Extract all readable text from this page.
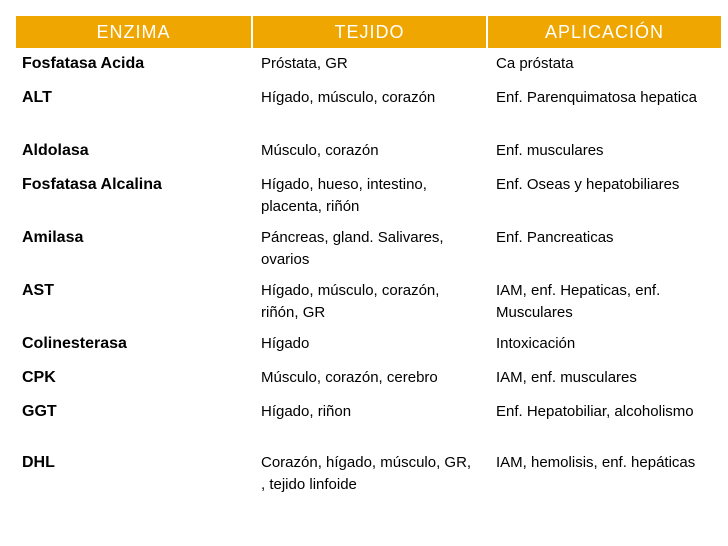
ENZIMA	TEJIDO	APLICACIÓN
Fosfatasa Acida	Próstata, GR	Ca próstata
ALT	Hígado, músculo, corazón	Enf. Parenquimatosa hepatica
Aldolasa	Músculo, corazón	Enf. musculares
Fosfatasa Alcalina	Hígado, hueso, intestino, placenta, riñón	Enf. Oseas y hepatobiliares
Amilasa	Páncreas, gland. Salivares, ovarios	Enf. Pancreaticas
AST	Hígado, músculo, corazón, riñón, GR	IAM, enf. Hepaticas, enf. Musculares
Colinesterasa	Hígado	Intoxicación
CPK	Músculo, corazón, cerebro	IAM, enf. musculares
GGT	Hígado, riñon	Enf. Hepatobiliar, alcoholismo
DHL	Corazón, hígado, músculo, GR, , tejido linfoide	IAM, hemolisis, enf. hepáticas
